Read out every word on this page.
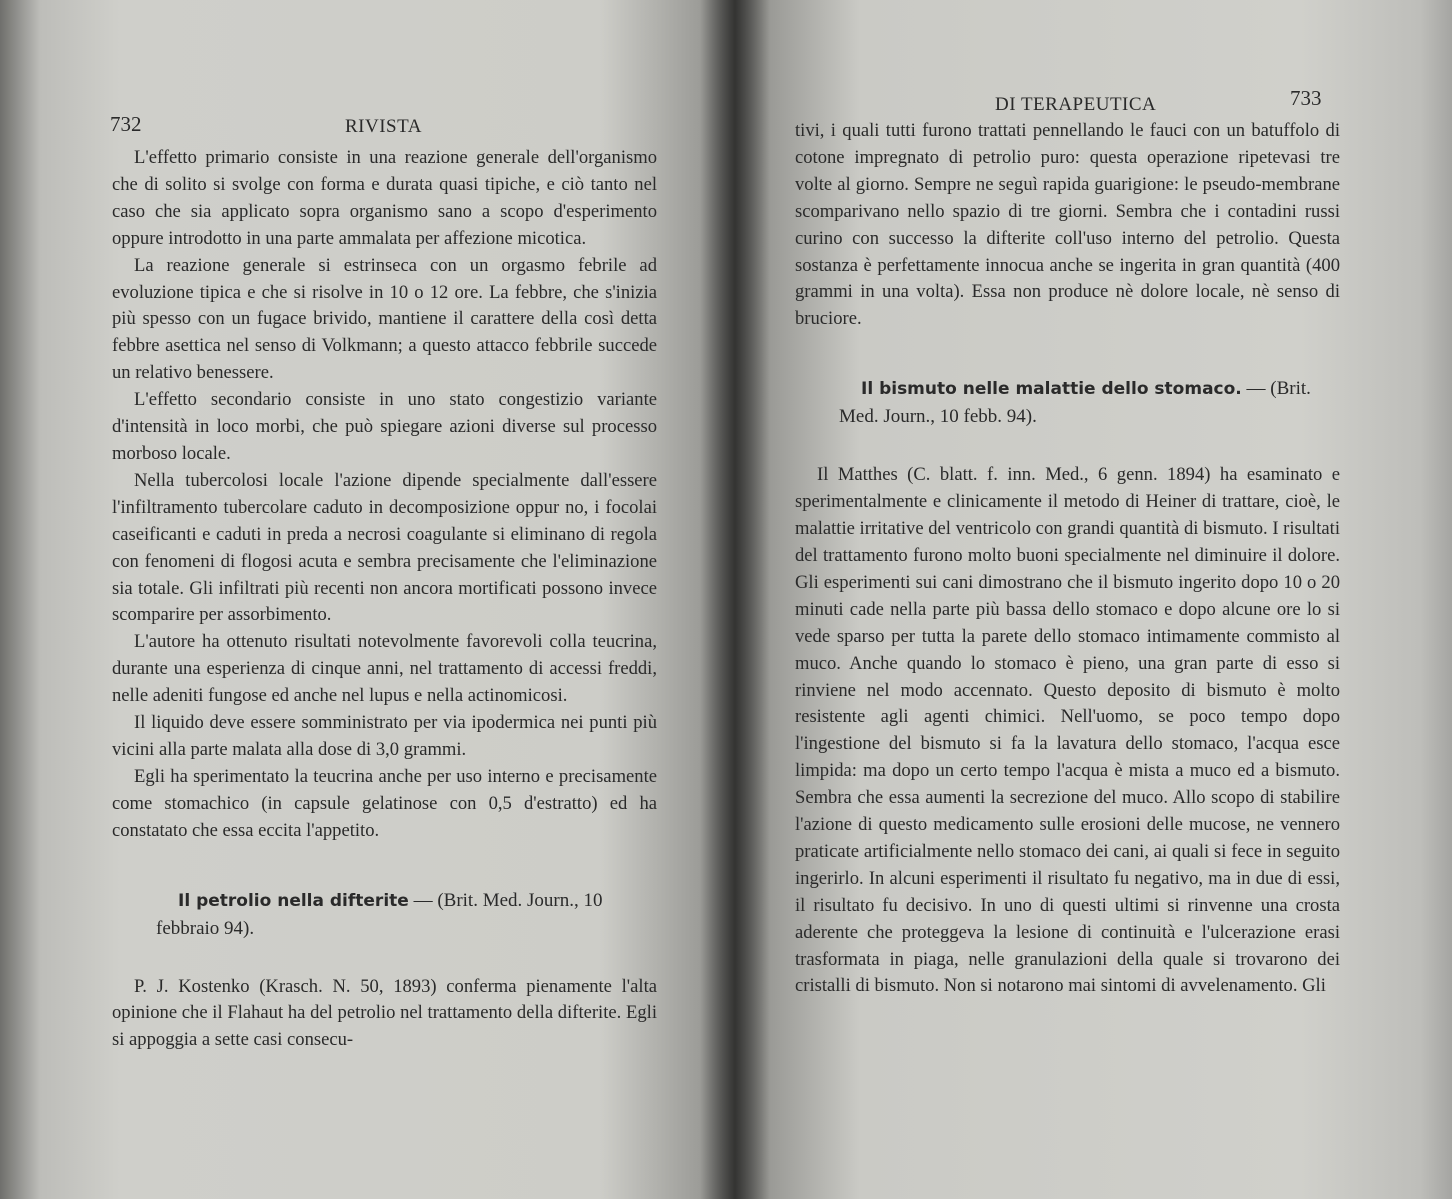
732	RIVISTA

L'effetto primario consiste in una reazione generale dell'organismo che di solito si svolge con forma e durata quasi tipiche, e ciò tanto nel caso che sia applicato sopra organismo sano a scopo d'esperimento oppure introdotto in una parte ammalata per affezione micotica.

La reazione generale si estrinseca con un orgasmo febrile ad evoluzione tipica e che si risolve in 10 o 12 ore. La febbre, che s'inizia più spesso con un fugace brivido, mantiene il carattere della così detta febbre asettica nel senso di Volkmann; a questo attacco febbrile succede un relativo benessere.

L'effetto secondario consiste in uno stato congestizio variante d'intensità in loco morbi, che può spiegare azioni diverse sul processo morboso locale.

Nella tubercolosi locale l'azione dipende specialmente dall'essere l'infiltramento tubercolare caduto in decomposizione oppur no, i focolai caseificanti e caduti in preda a necrosi coagulante si eliminano di regola con fenomeni di flogosi acuta e sembra precisamente che l'eliminazione sia totale. Gli infiltrati più recenti non ancora mortificati possono invece scomparire per assorbimento.

L'autore ha ottenuto risultati notevolmente favorevoli colla teucrina, durante una esperienza di cinque anni, nel trattamento di accessi freddi, nelle adeniti fungose ed anche nel lupus e nella actinomicosi.

Il liquido deve essere somministrato per via ipodermica nei punti più vicini alla parte malata alla dose di 3,0 grammi.

Egli ha sperimentato la teucrina anche per uso interno e precisamente come stomachico (in capsule gelatinose con 0,5 d'estratto) ed ha constatato che essa eccita l'appetito.

Il petrolio nella difterite — (Brit. Med. Journ., 10 febbraio 94).

P. J. Kostenko (Krasch. N. 50, 1893) conferma pienamente l'alta opinione che il Flahaut ha del petrolio nel trattamento della difterite. Egli si appoggia a sette casi consecu-

DI TERAPEUTICA	733

tivi, i quali tutti furono trattati pennellando le fauci con un batuffolo di cotone impregnato di petrolio puro: questa operazione ripetevasi tre volte al giorno. Sempre ne seguì rapida guarigione: le pseudo-membrane scomparivano nello spazio di tre giorni. Sembra che i contadini russi curino con successo la difterite coll'uso interno del petrolio. Questa sostanza è perfettamente innocua anche se ingerita in gran quantità (400 grammi in una volta). Essa non produce nè dolore locale, nè senso di bruciore.

Il bismuto nelle malattie dello stomaco. — (Brit. Med. Journ., 10 febb. 94).

Il Matthes (C. blatt. f. inn. Med., 6 genn. 1894) ha esaminato e sperimentalmente e clinicamente il metodo di Heiner di trattare, cioè, le malattie irritative del ventricolo con grandi quantità di bismuto. I risultati del trattamento furono molto buoni specialmente nel diminuire il dolore. Gli esperimenti sui cani dimostrano che il bismuto ingerito dopo 10 o 20 minuti cade nella parte più bassa dello stomaco e dopo alcune ore lo si vede sparso per tutta la parete dello stomaco intimamente commisto al muco. Anche quando lo stomaco è pieno, una gran parte di esso si rinviene nel modo accennato. Questo deposito di bismuto è molto resistente agli agenti chimici. Nell'uomo, se poco tempo dopo l'ingestione del bismuto si fa la lavatura dello stomaco, l'acqua esce limpida: ma dopo un certo tempo l'acqua è mista a muco ed a bismuto. Sembra che essa aumenti la secrezione del muco. Allo scopo di stabilire l'azione di questo medicamento sulle erosioni delle mucose, ne vennero praticate artificialmente nello stomaco dei cani, ai quali si fece in seguito ingerirlo. In alcuni esperimenti il risultato fu negativo, ma in due di essi, il risultato fu decisivo. In uno di questi ultimi si rinvenne una crosta aderente che proteggeva la lesione di continuità e l'ulcerazione erasi trasformata in piaga, nelle granulazioni della quale si trovarono dei cristalli di bismuto. Non si notarono mai sintomi di avvelenamento. Gli
